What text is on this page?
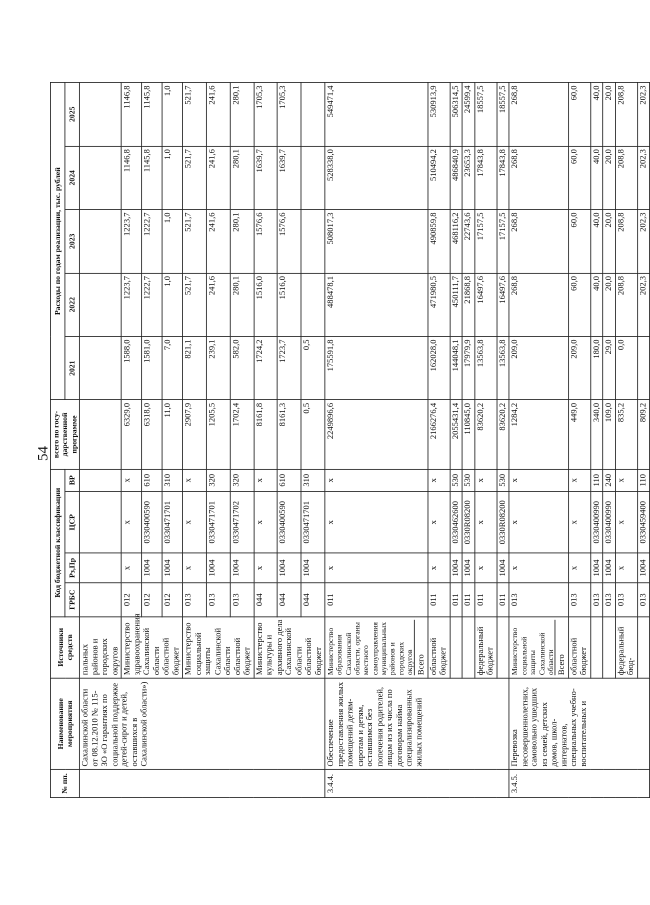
54
№ пп.	Наименование мероприятия	Источники средств	Код бюджетной классификации				всего по госу-дарственной программе	Расходы по годам реализации, тыс. рублей				
			ГРБС	Рз,Пр	ЦСР	ВР		2021	2022	2023	2024	2025
	Сахалинской области от 08.12.2010 № 115-ЗО «О гарантиях по социальной поддержке детей-сирот и детей, оставшихся в Сахалинской области»)	пальных районов и городских округов										

		Министерство здравоохранения Сахалинской области областной бюджет	012	х	х	х	6329,0	1588,0	1223,7	1223,7	1146,8	1146,8
			012	1004	0330400590	610	6318,0	1581,0	1222,7	1222,7	1145,8	1145,8
			012	1004	0330471701	310	11,0	7,0	1,0	1,0	1,0	1,0

		Министерство социальной защиты Сахалинской области областной бюджет	013	х	х	х	2907,9	821,1	521,7	521,7	521,7	521,7
			013	1004	0330471701	320	1205,5	239,1	241,6	241,6	241,6	241,6
			013	1004	0330471702	320	1702,4	582,0	280,1	280,1	280,1	280,1

		Министерство культуры и архивного дела Сахалинской области областной бюджет	044	х	х	х	8161,8	1724,2	1516,0	1576,6	1639,7	1705,3
			044	1004	0330400590	610	8161,3	1723,7	1516,0	1576,6	1639,7	1705,3
			044	1004	0330471701	310	0,5	0,5				
3.4.4.	Обеспечение предоставления жилых помещений детям-сиротам и детям, оставшимся без попечения родителей, лицам из их числа по договорам найма специализированных жилых помещений	Министерство образования Сахалинской области, органы местного самоуправления муниципальных районов и городских округов Всего	011	х	х	х	2249896,6	175591,8	488478,1	508017,3	528338,0	549471,4
		областной бюджет	011	х	х	х	2166276,4	162028,0	471980,5	490859,8	510494,2	530913,9
			011	1004	0330462600	530	2055431,4	144048,1	450111,7	468116,2	486840,9	506314,5
			011	1004	0330R08200	530	110845,0	17979,9	21868,8	22743,6	23653,3	24599,4
		федеральный бюджет	011	х	х	х	83620,2	13563,8	16497,6	17157,5	17843,8	18557,5
			011	1004	0330R08200	530	83620,2	13563,8	16497,6	17157,5	17843,8	18557,5
3.4.5.	Перевозка несовершеннолетних, самовольно ушедших из семей, детских домов, школ-интернатов, специальных учебно-воспитательных и	Министерство социальной защиты Сахалинской области Всего	013	х	х	х	1284,2	209,0	268,8	268,8	268,8	268,8
		областной бюджет	013	х	х	х	449,0	209,0	60,0	60,0	60,0	60,0
			013	1004	0330400990	110	340,0	180,0	40,0	40,0	40,0	40,0
			013	1004	0330400990	240	109,0	29,0	20,0	20,0	20,0	20,0
		федеральный бюд-	013	х	х	х	835,2	0,0	208,8	208,8	208,8	208,8
			013	1004	0330459400	110	809,2		202,3	202,3	202,3	202,3
